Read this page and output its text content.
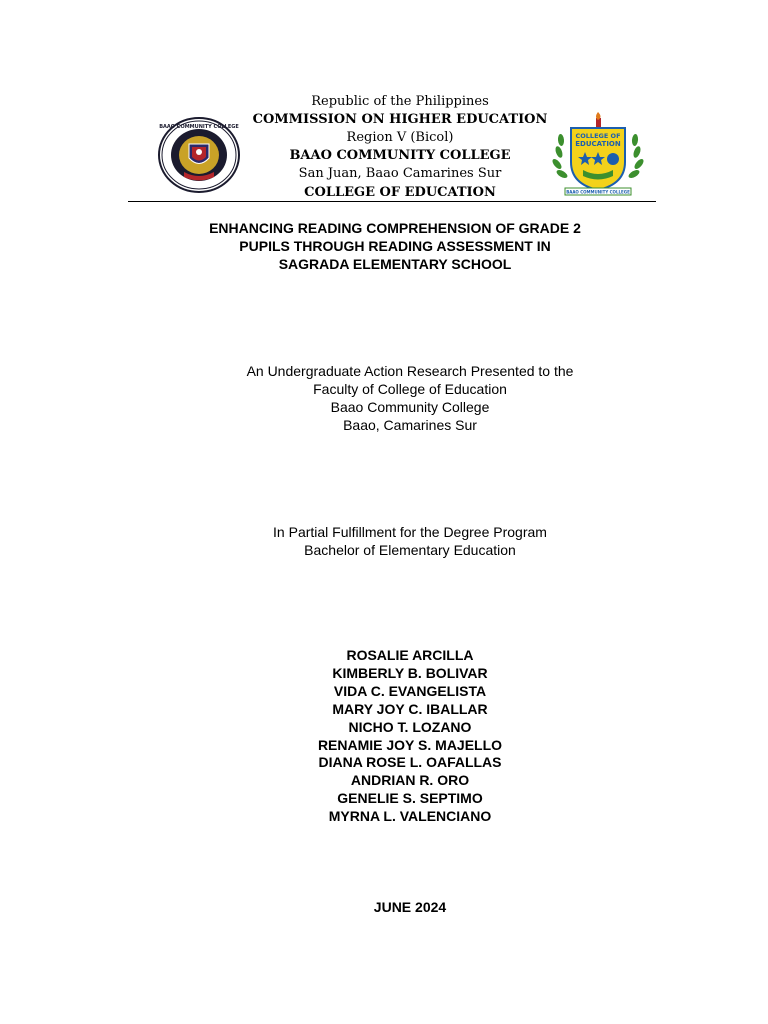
BAAO COMMUNITY COLLEGE
COLLEGE OF
EDUCATION
BAAO COMMUNITY COLLEGE
Republic of the Philippines
COMMISSION ON HIGHER EDUCATION
Region V (Bicol)
BAAO COMMUNITY COLLEGE
San Juan, Baao Camarines Sur
COLLEGE OF EDUCATION
ENHANCING READING COMPREHENSION OF GRADE 2
PUPILS THROUGH READING ASSESSMENT IN
SAGRADA ELEMENTARY SCHOOL
An Undergraduate Action Research Presented to the
Faculty of College of Education
Baao Community College
Baao, Camarines Sur
In Partial Fulfillment for the Degree Program
Bachelor of Elementary Education
ROSALIE ARCILLA
KIMBERLY B. BOLIVAR
VIDA C. EVANGELISTA
MARY JOY C. IBALLAR
NICHO T. LOZANO
RENAMIE JOY S. MAJELLO
DIANA ROSE L. OAFALLAS
ANDRIAN R. ORO
GENELIE S. SEPTIMO
MYRNA L. VALENCIANO
JUNE 2024
